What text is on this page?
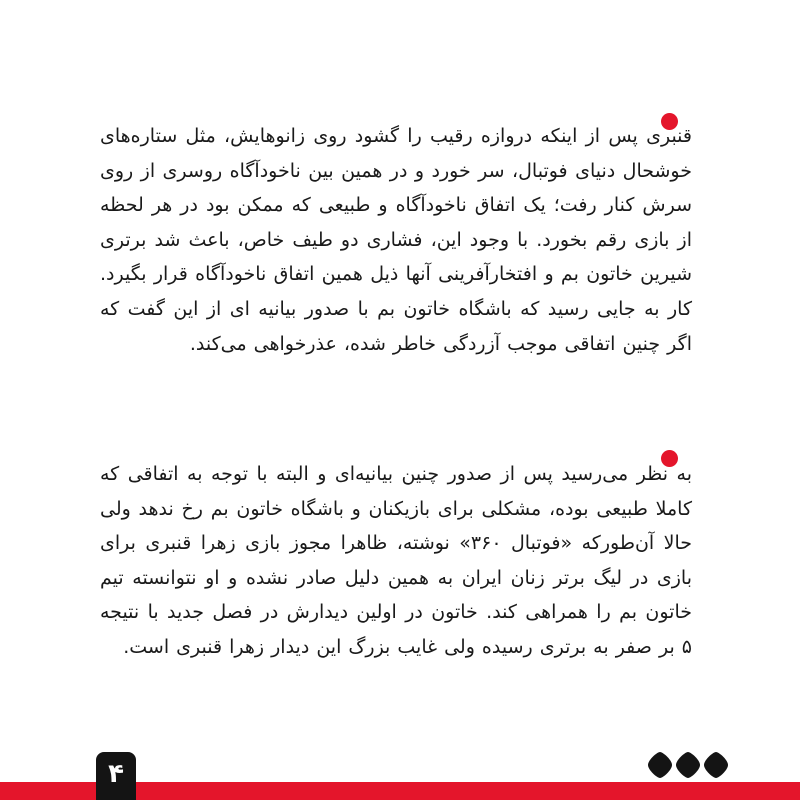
قنبری پس از اینکه دروازه رقیب را گشود روی زانوهایش، مثل ستاره‌های خوشحال دنیای فوتبال، سر خورد و در همین بین ناخودآگاه روسری از روی سرش کنار رفت؛ یک اتفاق ناخودآگاه و طبیعی که ممکن بود در هر لحظه از بازی رقم بخورد. با وجود این، فشاری دو طیف خاص، باعث شد برتری شیرین خاتون بم و افتخارآفرینی آنها ذیل همین اتفاق ناخودآگاه قرار بگیرد. کار به جایی رسید که باشگاه خاتون بم با صدور بیانیه ای از این گفت که اگر چنین اتفاقی موجب آزردگی خاطر شده، عذرخواهی می‌کند.

به نظر می‌رسید پس از صدور چنین بیانیه‌ای و البته با توجه به اتفاقی که کاملا طبیعی بوده، مشکلی برای بازیکنان و باشگاه خاتون بم رخ ندهد ولی حالا آن‌طورکه «فوتبال ۳۶۰» نوشته، ظاهرا مجوز بازی زهرا قنبری برای بازی در لیگ برتر زنان ایران به همین دلیل صادر نشده و او نتوانسته تیم خاتون بم را همراهی کند. خاتون در اولین دیدارش در فصل جدید با نتیجه ۵ بر صفر به برتری رسیده ولی غایب بزرگ این دیدار زهرا قنبری است.

۴
